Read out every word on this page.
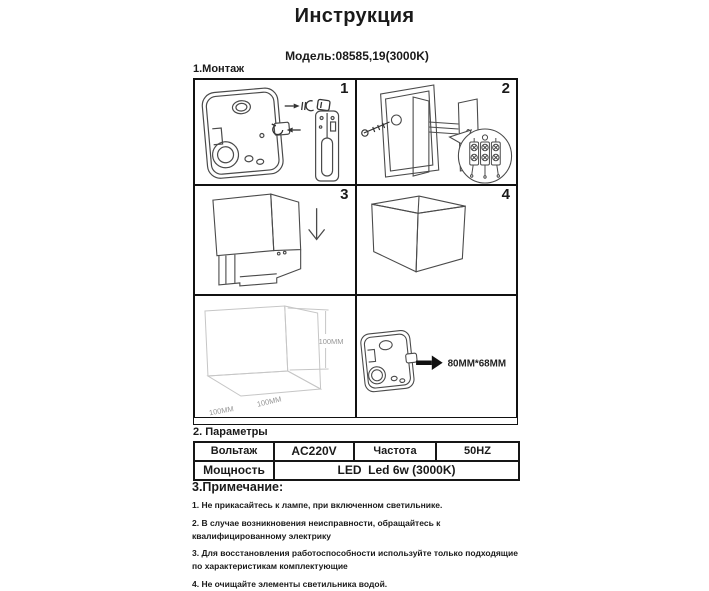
Инструкция
Модель:08585,19(3000K)
1.Монтаж
1	2
3	4
100MM
100MM
100MM
80MM*68MM
2. Параметры
Вольтаж	AC220V	Частота	50HZ
Мощность	LED  Led 6w (3000K)		
3.Примечание:

1. Не прикасайтесь к лампе, при включенном светильнике.

2. В случае возникновения неисправности, обращайтесь к квалифицированному электрику

3. Для восстановления работоспособности используйте только подходящие по характеристикам комплектующие

4. Не очищайте элементы светильника водой.
